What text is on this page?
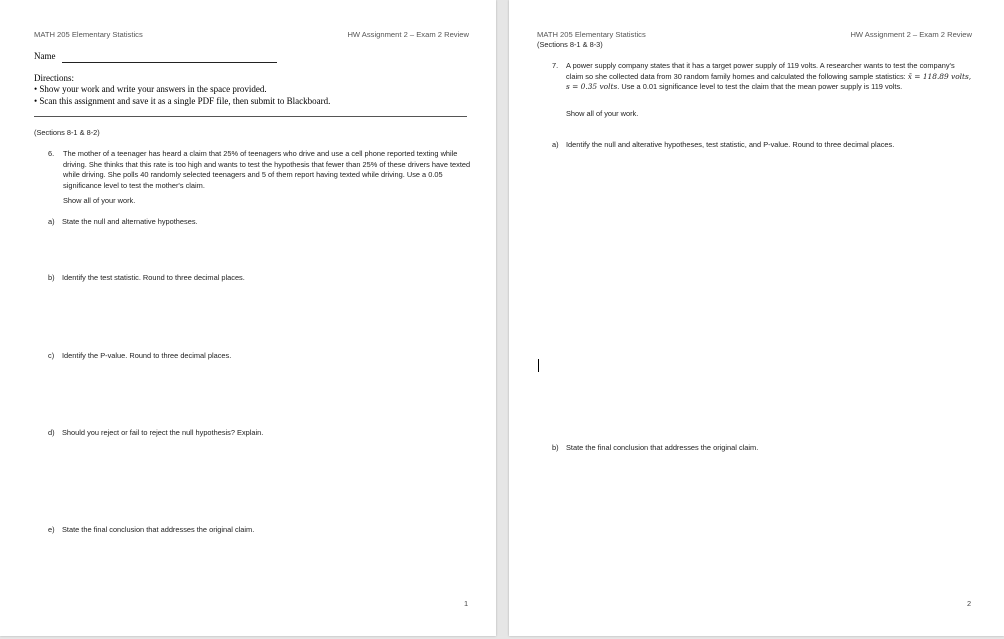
MATH 205 Elementary Statistics	HW Assignment 2 – Exam 2 Review
Name
Directions:
• Show your work and write your answers in the space provided.
• Scan this assignment and save it as a single PDF file, then submit to Blackboard.
(Sections 8-1 & 8-2)
6. The mother of a teenager has heard a claim that 25% of teenagers who drive and use a cell phone reported texting while driving. She thinks that this rate is too high and wants to test the hypothesis that fewer than 25% of these drivers have texted while driving. She polls 40 randomly selected teenagers and 5 of them report having texted while driving. Use a 0.05 significance level to test the mother's claim.
Show all of your work.
a) State the null and alternative hypotheses.
b) Identify the test statistic. Round to three decimal places.
c) Identify the P-value. Round to three decimal places.
d) Should you reject or fail to reject the null hypothesis? Explain.
e) State the final conclusion that addresses the original claim.
1
MATH 205 Elementary Statistics	HW Assignment 2 – Exam 2 Review
(Sections 8-1 & 8-3)
7. A power supply company states that it has a target power supply of 119 volts. A researcher wants to test the company's claim so she collected data from 30 random family homes and calculated the following sample statistics: x̄ = 118.89 volts, s = 0.35 volts. Use a 0.01 significance level to test the claim that the mean power supply is 119 volts.
Show all of your work.
a) Identify the null and alterative hypotheses, test statistic, and P-value. Round to three decimal places.
b) State the final conclusion that addresses the original claim.
2
